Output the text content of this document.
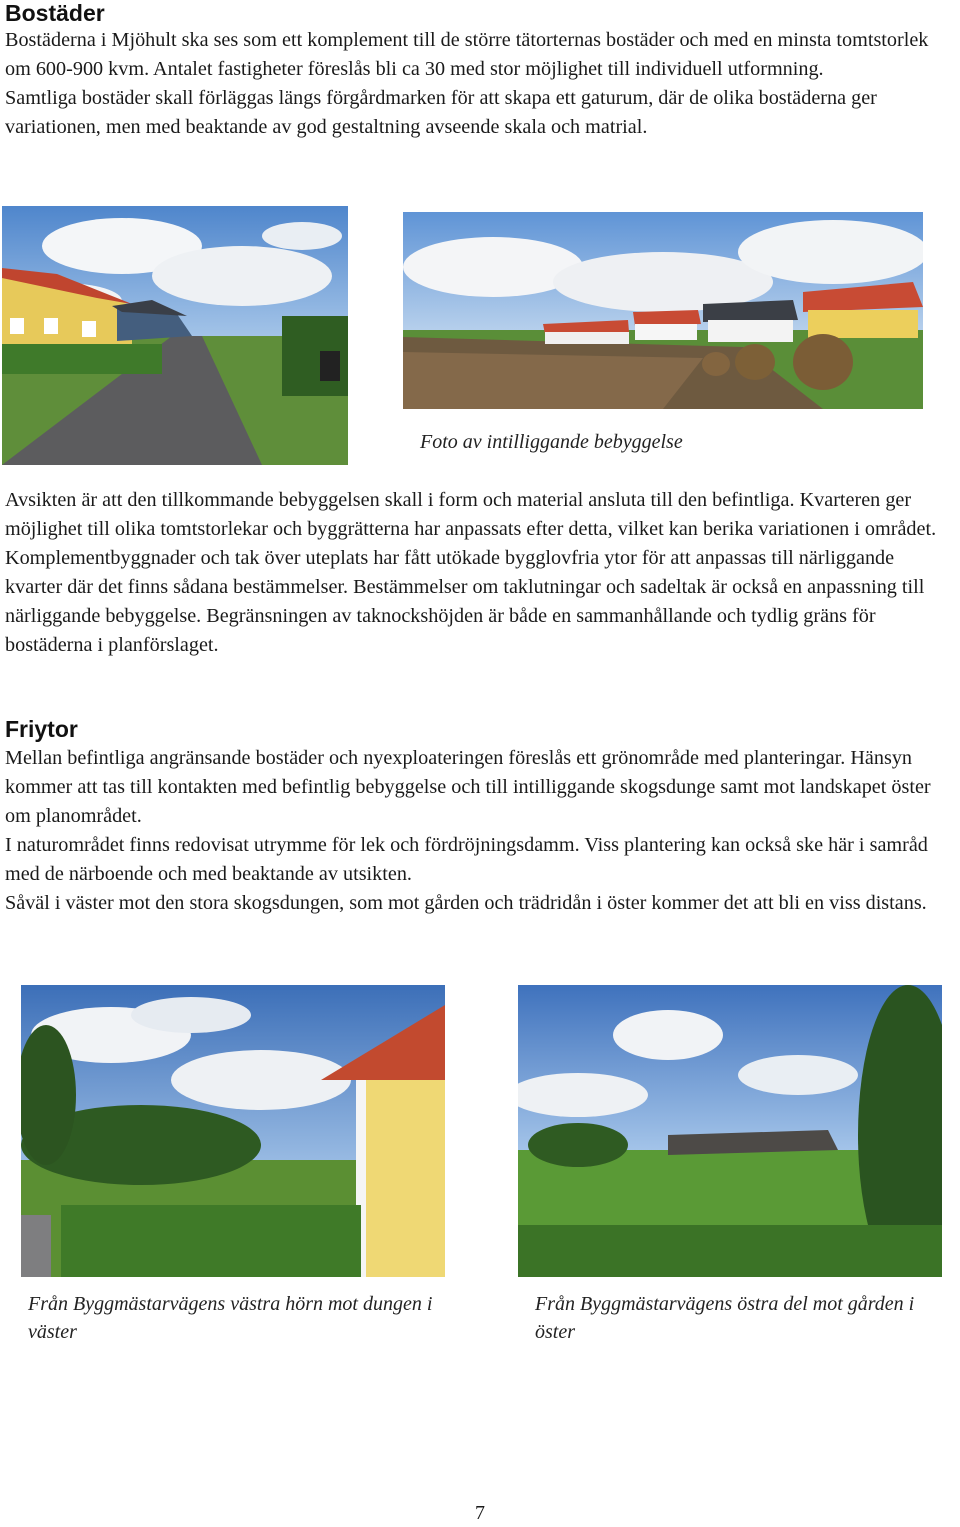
Bostäder

Bostäderna i Mjöhult ska ses som ett komplement till de större tätorternas bostäder och med en minsta tomtstorlek om 600-900 kvm. Antalet fastigheter föreslås bli ca 30 med stor möjlighet till individuell utformning.

Samtliga bostäder skall förläggas längs förgårdmarken för att skapa ett gaturum, där de olika bostäderna ger variationen, men med beaktande av god gestaltning avseende skala och matrial.

Foto av intilliggande bebyggelse

Avsikten är att den tillkommande bebyggelsen skall i form och material ansluta till den befintliga. Kvarteren ger möjlighet till olika tomtstorlekar och byggrätterna har anpassats efter detta, vilket kan berika variationen i området. Komplementbyggnader och tak över uteplats har fått utökade bygglovfria ytor för att anpassas till närliggande kvarter där det finns sådana bestämmelser. Bestämmelser om taklutningar och sadeltak är också en anpassning till närliggande bebyggelse. Begränsningen av taknockshöjden är både en sammanhållande och tydlig gräns för bostäderna i planförslaget.

Friytor

Mellan befintliga angränsande bostäder och nyexploateringen föreslås ett grönområde med planteringar. Hänsyn kommer att tas till kontakten med befintlig bebyggelse och till intilliggande skogsdunge samt mot landskapet öster om planområdet.

I naturområdet finns redovisat utrymme för lek och fördröjningsdamm. Viss plantering kan också ske här i samråd med de närboende och med beaktande av utsikten.

Såväl i väster mot den stora skogsdungen, som mot gården och trädridån i öster kommer det att bli en viss distans.

Från Byggmästarvägens västra hörn mot dungen i väster
Från Byggmästarvägens östra del mot gården i öster
7
